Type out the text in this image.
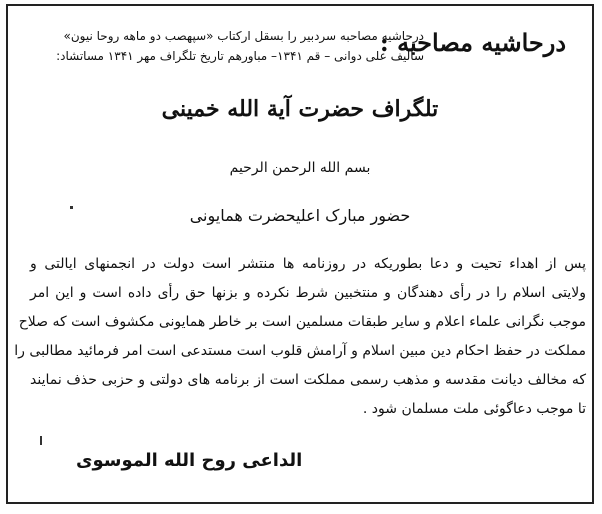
درحاشیه مصاحبه :
درحاشیه مصاحبه سردبیر را بسقل ارکتاب «سپهصب دو ماهه روحا نیون»
سالیف علی دوانی – قم ۱۳۴۱– مباورهم تاریخ تلگراف مهر ۱۳۴۱ مساتشاد:
تلگراف حضرت آیة الله خمینی
بسم الله الرحمن الرحیم
حضور مبارک اعلیحضرت همایونی
پس از اهداء تحیت و دعا بطوریکه در روزنامه ها منتشر است دولت در انجمنهای ایالتی و
ولایتی اسلام را در رأی دهندگان و منتخبین شرط نکرده و بزنها حق رأی داده است و این امر
موجب نگرانی علماء اعلام و سایر طبقات مسلمین است بر خاطر همایونی مکشوف است که صلاح
مملکت در حفظ احکام دین مبین اسلام و آرامش قلوب است مستدعی است امر فرمائید مطالبی را
که مخالف دیانت مقدسه و مذهب رسمی مملکت است از برنامه های دولتی و حزبی حذف نمایند
تا موجب دعاگوئی ملت مسلمان شود .
الداعی روح الله الموسوی
